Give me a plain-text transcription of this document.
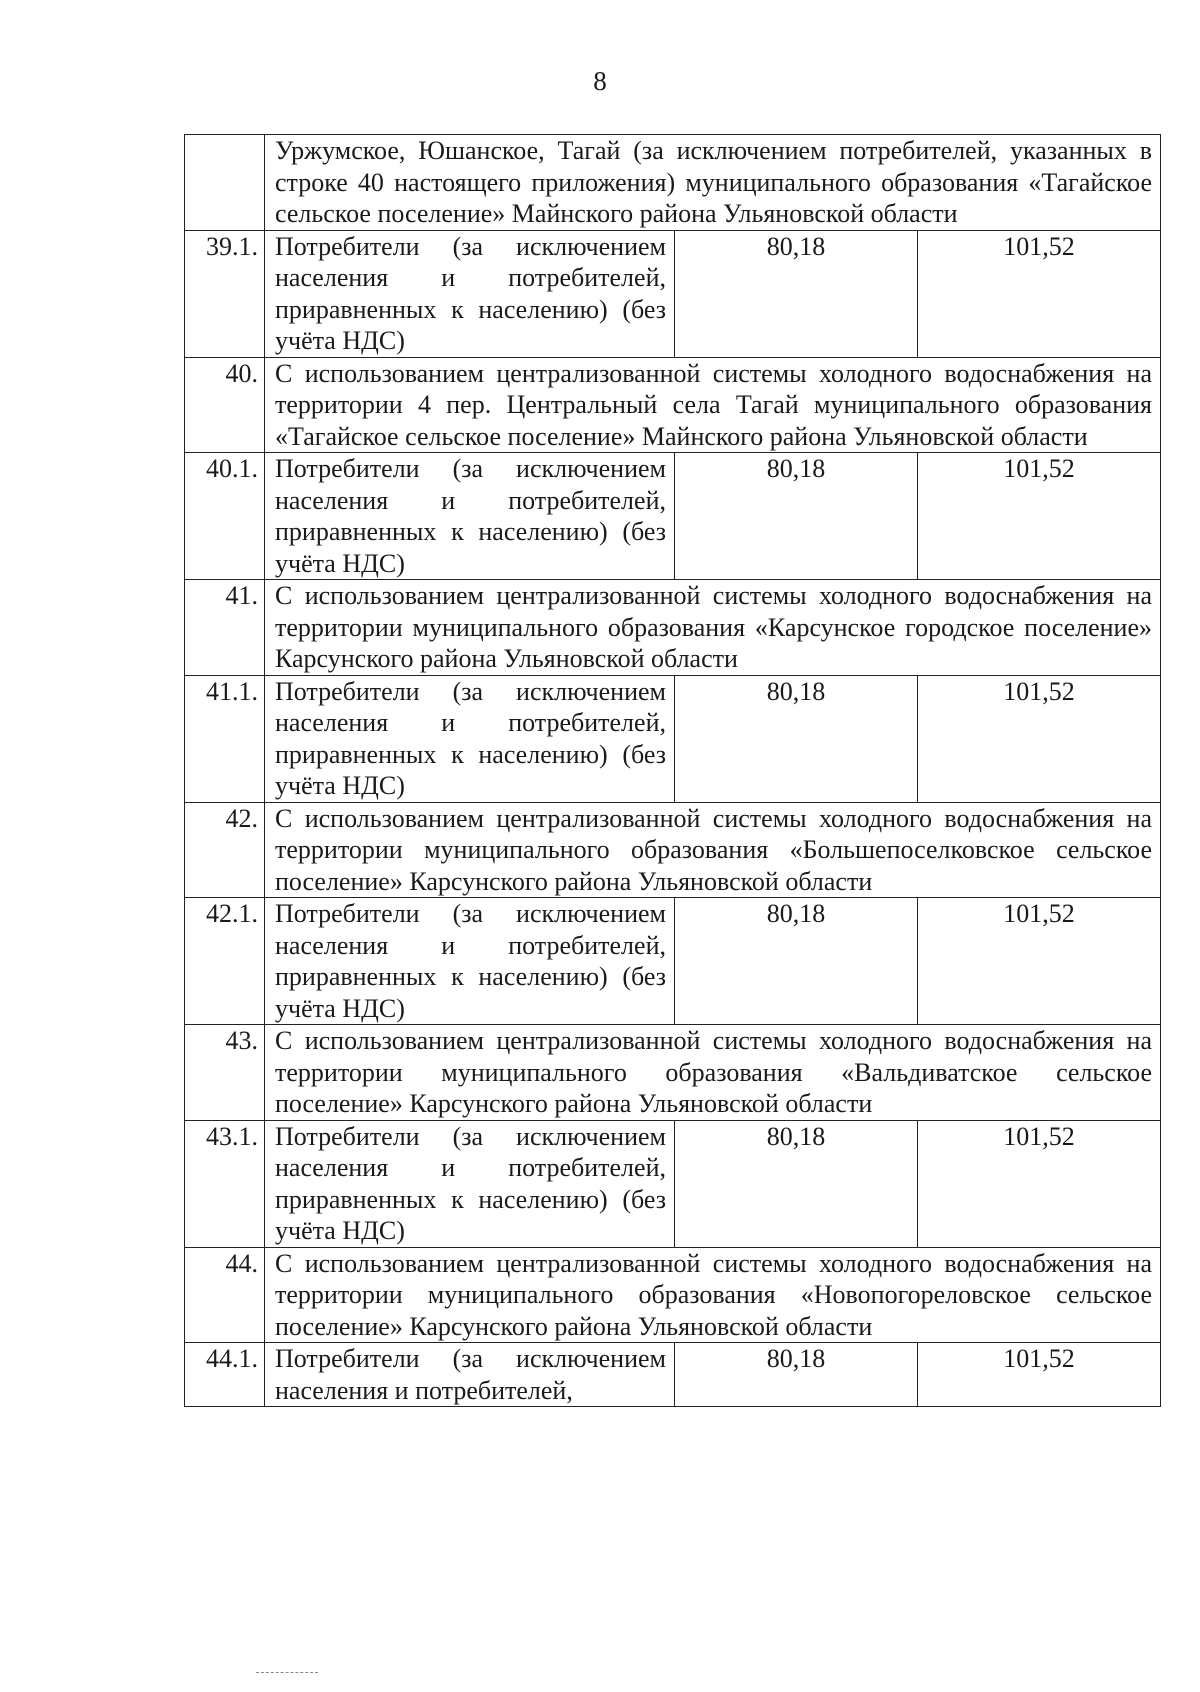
8
	Уржумское, Юшанское, Тагай (за исключением потребителей, указанных в строке 40 настоящего приложения) муниципального образования «Тагайское сельское поселение» Майнского района Ульяновской области		
39.1.	Потребители (за исключением населения и потребителей, приравненных к населению) (без учёта НДС)	80,18	101,52
40.	С использованием централизованной системы холодного водоснабжения на территории 4 пер. Центральный села Тагай муниципального образования «Тагайское сельское поселение» Майнского района Ульяновской области		
40.1.	Потребители (за исключением населения и потребителей, приравненных к населению) (без учёта НДС)	80,18	101,52
41.	С использованием централизованной системы холодного водоснабжения на территории муниципального образования «Карсунское городское поселение» Карсунского района Ульяновской области		
41.1.	Потребители (за исключением населения и потребителей, приравненных к населению) (без учёта НДС)	80,18	101,52
42.	С использованием централизованной системы холодного водоснабжения на территории муниципального образования «Большепоселковское сельское поселение» Карсунского района Ульяновской области		
42.1.	Потребители (за исключением населения и потребителей, приравненных к населению) (без учёта НДС)	80,18	101,52
43.	С использованием централизованной системы холодного водоснабжения на территории муниципального образования «Вальдиватское сельское поселение» Карсунского района Ульяновской области		
43.1.	Потребители (за исключением населения и потребителей, приравненных к населению) (без учёта НДС)	80,18	101,52
44.	С использованием централизованной системы холодного водоснабжения на территории муниципального образования «Новопогореловское сельское поселение» Карсунского района Ульяновской области		
44.1.	Потребители (за исключением населения и потребителей,	80,18	101,52
